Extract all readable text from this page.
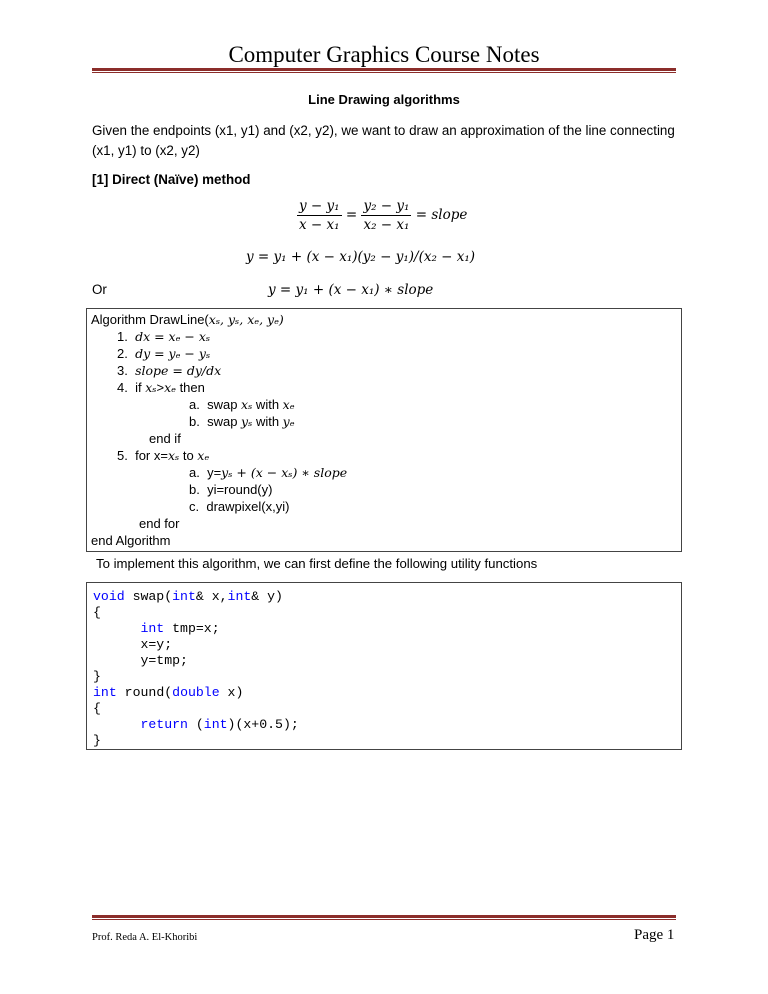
Computer Graphics Course Notes
Line Drawing algorithms
Given the endpoints (x1, y1) and (x2, y2), we want to draw an approximation of the line connecting (x1, y1) to (x2, y2)
[1] Direct (Naïve) method
$\frac{\text{y − y₁}}{\text{x − x₁}} = \frac{\text{y₂ − y₁}}{\text{x₂ − x₁}}$ = slope
y = y₁ + (x − x₁)(y₂ − y₁)/(x₂ − x₁)
Or	y = y₁ + (x − x₁) ∗ slope
Algorithm DrawLine(xₛ, yₛ, xₑ, yₑ)
1. dx = xₑ − xₛ
2. dy = yₑ − yₛ
3. slope = dy/dx
4. if xₛ>xₑ then
a. swap xₛ with xₑ
b. swap yₛ with yₑ
end if
5. for x=xₛ to xₑ
a. y=yₛ + (x − xₛ) ∗ slope
b. yi=round(y)
c. drawpixel(x,yi)
end for
end Algorithm
To implement this algorithm, we can first define the following utility functions
void swap(int& x,int& y)
{
int tmp=x;
x=y;
y=tmp;
}
int round(double x)
{
return (int)(x+0.5);
}
Prof. Reda A. El-Khoribi	Page 1
